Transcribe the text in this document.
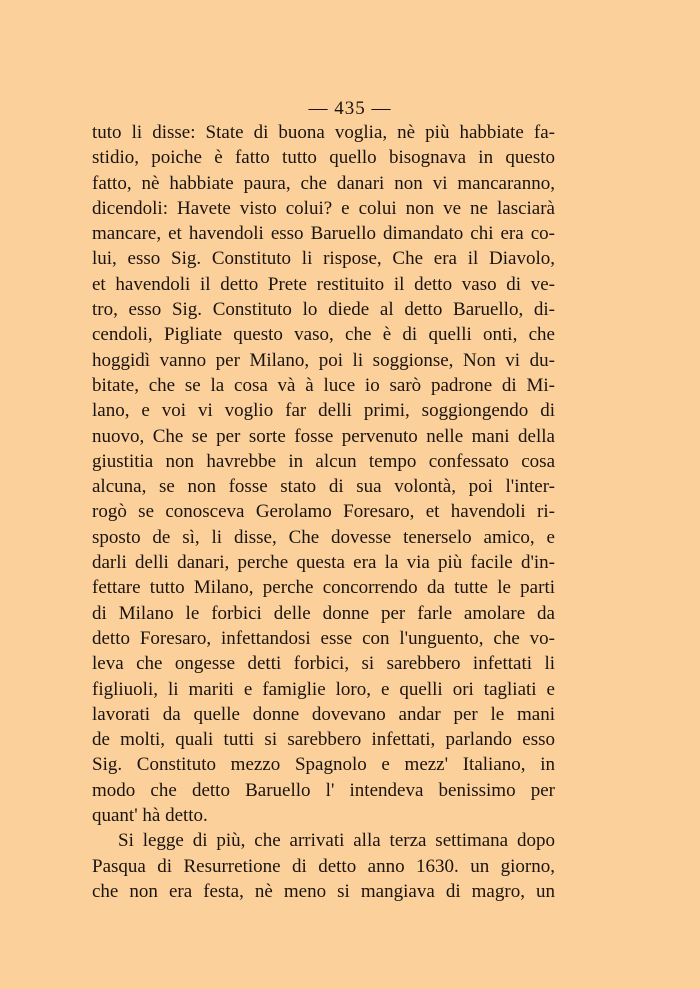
— 435 —
tuto li disse: State di buona voglia, nè più habbiate fa-
stidio, poiche è fatto tutto quello bisognava in questo
fatto, nè habbiate paura, che danari non vi mancaranno,
dicendoli: Havete visto colui? e colui non ve ne lasciarà
mancare, et havendoli esso Baruello dimandato chi era co-
lui, esso Sig. Constituto li rispose, Che era il Diavolo,
et havendoli il detto Prete restituito il detto vaso di ve-
tro, esso Sig. Constituto lo diede al detto Baruello, di-
cendoli, Pigliate questo vaso, che è di quelli onti, che
hoggidì vanno per Milano, poi li soggionse, Non vi du-
bitate, che se la cosa và à luce io sarò padrone di Mi-
lano, e voi vi voglio far delli primi, soggiongendo di
nuovo, Che se per sorte fosse pervenuto nelle mani della
giustitia non havrebbe in alcun tempo confessato cosa
alcuna, se non fosse stato di sua volontà, poi l'inter-
rogò se conosceva Gerolamo Foresaro, et havendoli ri-
sposto de sì, li disse, Che dovesse tenerselo amico, e
darli delli danari, perche questa era la via più facile d'in-
fettare tutto Milano, perche concorrendo da tutte le parti
di Milano le forbici delle donne per farle amolare da
detto Foresaro, infettandosi esse con l'unguento, che vo-
leva che ongesse detti forbici, si sarebbero infettati li
figliuoli, li mariti e famiglie loro, e quelli ori tagliati e
lavorati da quelle donne dovevano andar per le mani
de molti, quali tutti si sarebbero infettati, parlando esso
Sig. Constituto mezzo Spagnolo e mezz' Italiano, in
modo che detto Baruello l' intendeva benissimo per
quant' hà detto.
Si legge di più, che arrivati alla terza settimana dopo
Pasqua di Resurretione di detto anno 1630. un giorno,
che non era festa, nè meno si mangiava di magro, un
